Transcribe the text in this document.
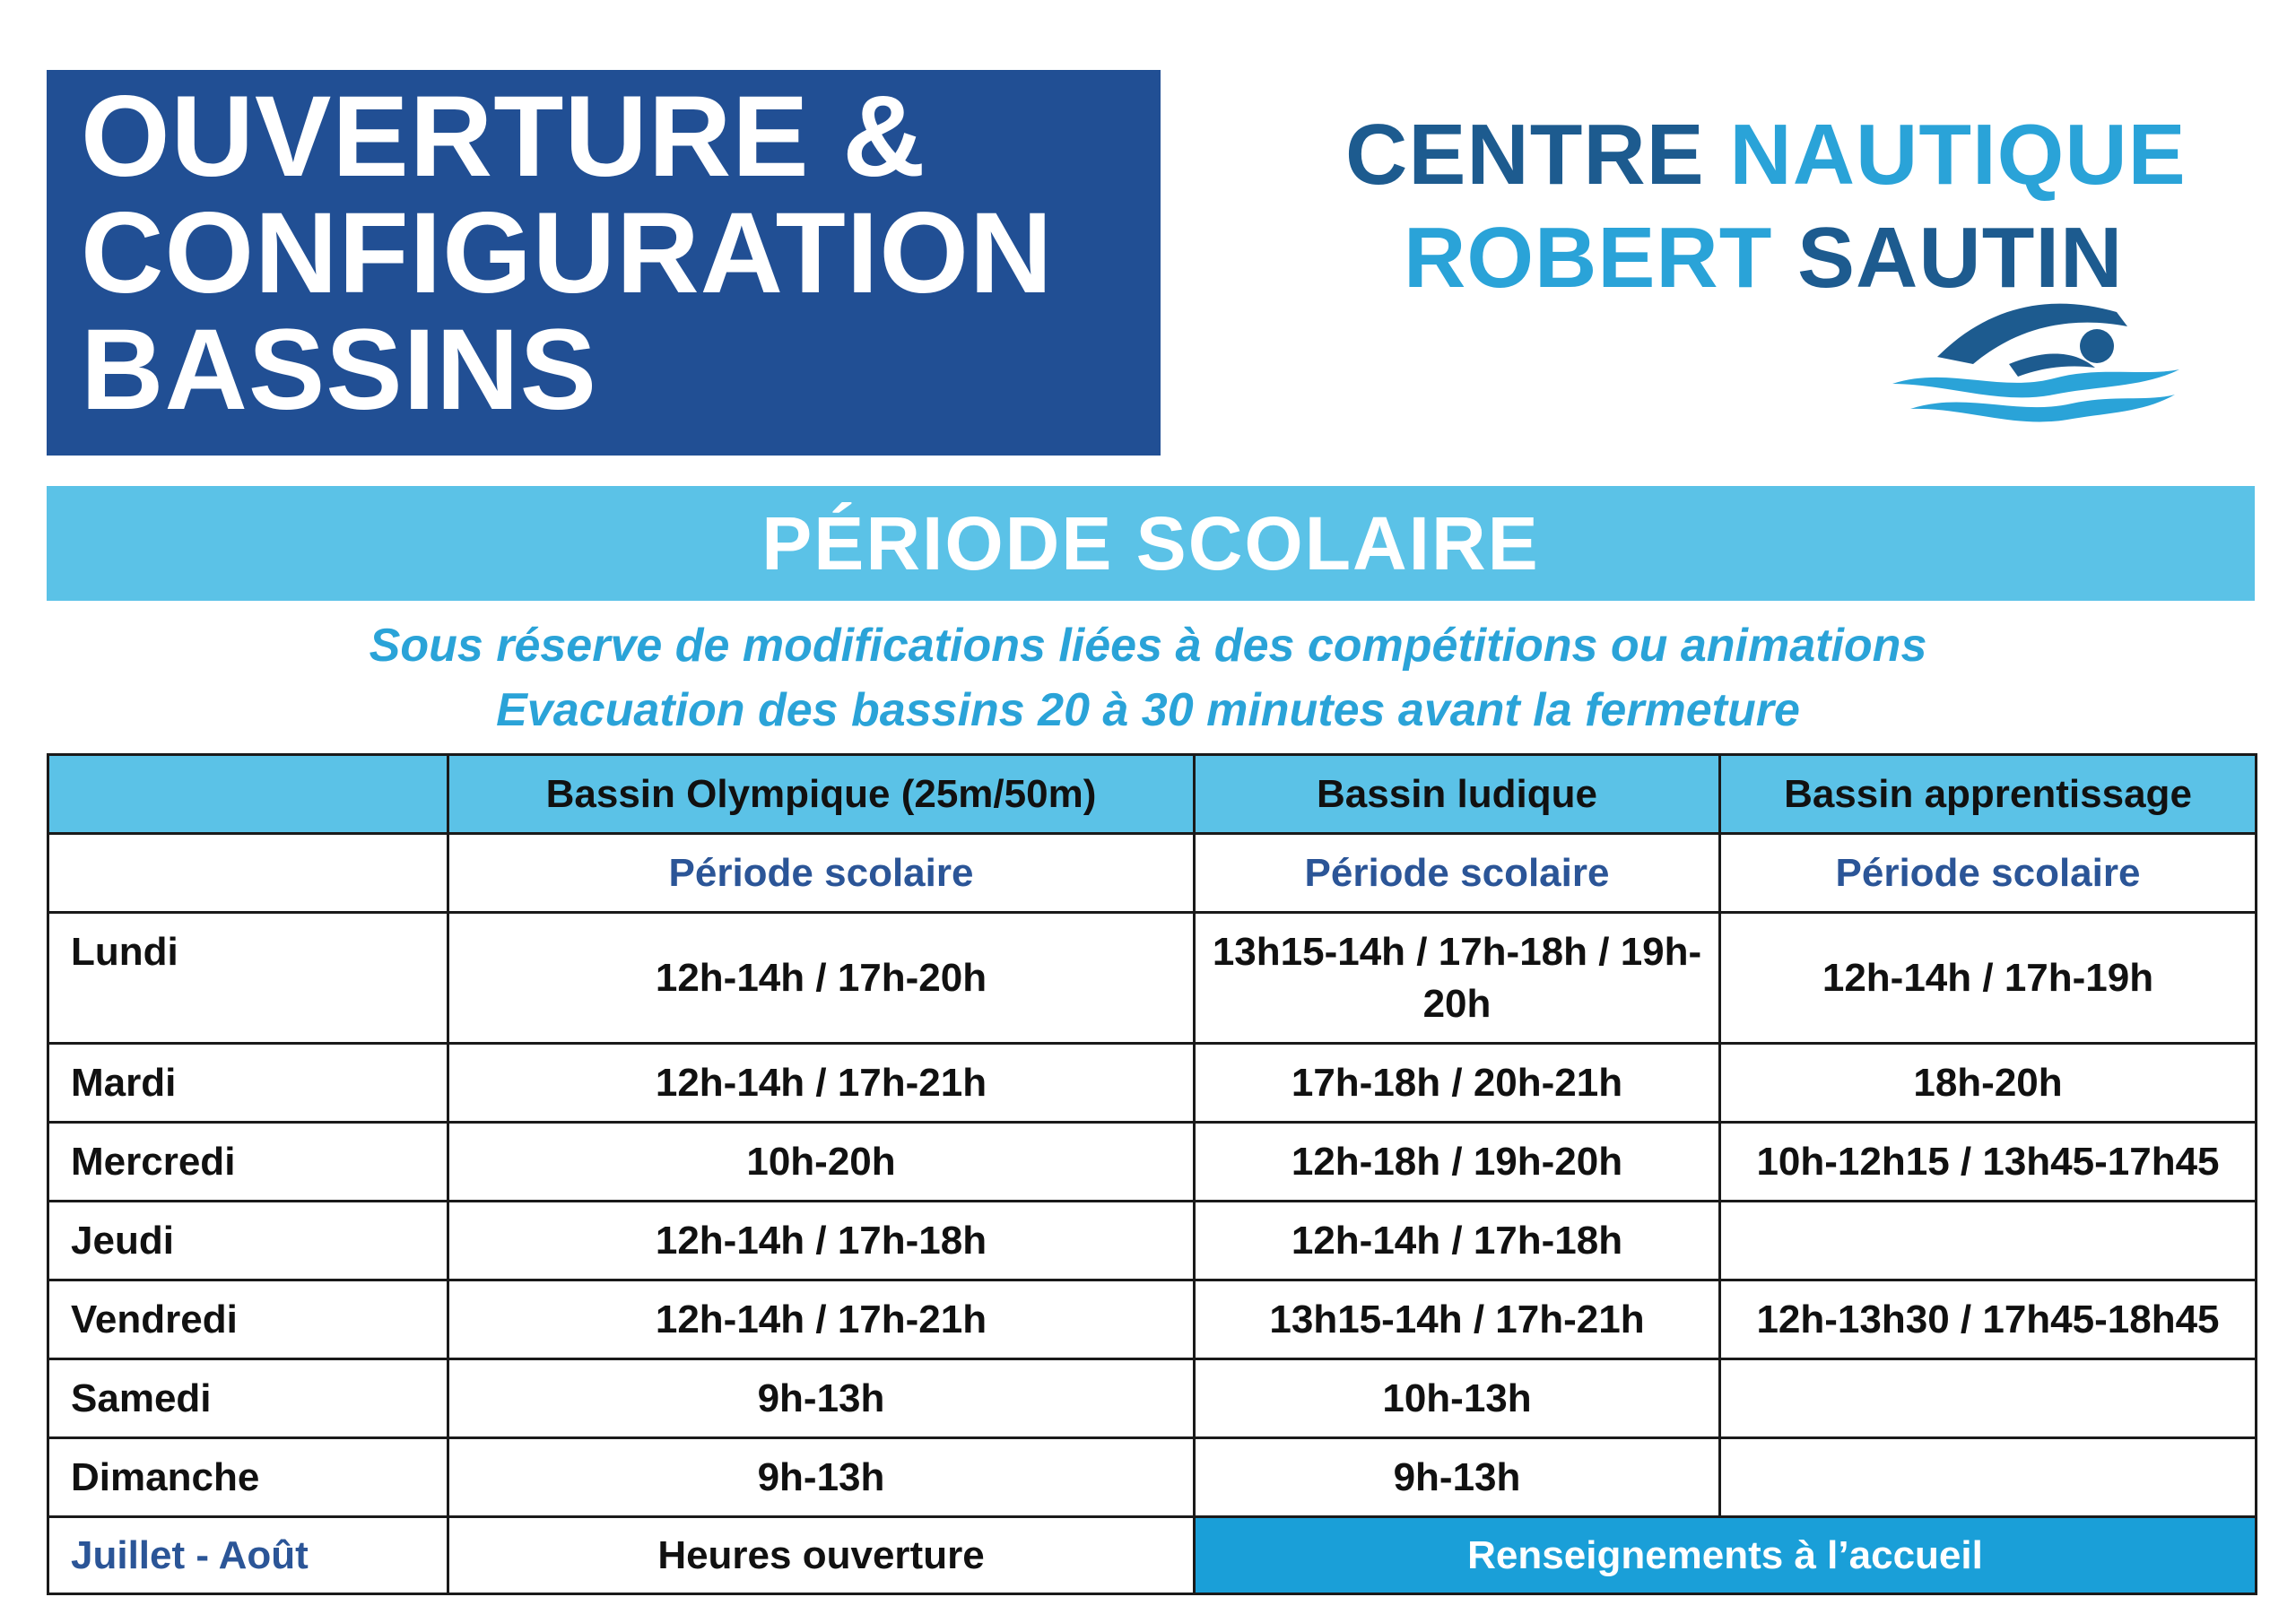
OUVERTURE &
CONFIGURATION
BASSINS
CENTRE NAUTIQUE
ROBERT SAUTIN
PÉRIODE SCOLAIRE
Sous réserve de modifications liées à des compétitions ou animations
Evacuation des bassins 20 à 30 minutes avant la fermeture
	Bassin Olympique (25m/50m)	Bassin ludique	Bassin apprentissage
	Période scolaire	Période scolaire	Période scolaire
Lundi	12h-14h / 17h-20h	13h15-14h / 17h-18h / 19h-20h	12h-14h / 17h-19h
Mardi	12h-14h / 17h-21h	17h-18h / 20h-21h	18h-20h
Mercredi	10h-20h	12h-18h / 19h-20h	10h-12h15 / 13h45-17h45
Jeudi	12h-14h / 17h-18h	12h-14h / 17h-18h	
Vendredi	12h-14h / 17h-21h	13h15-14h / 17h-21h	12h-13h30 / 17h45-18h45
Samedi	9h-13h	10h-13h	
Dimanche	9h-13h	9h-13h	
Juillet - Août	Heures ouverture	Renseignements à l’accueil	
